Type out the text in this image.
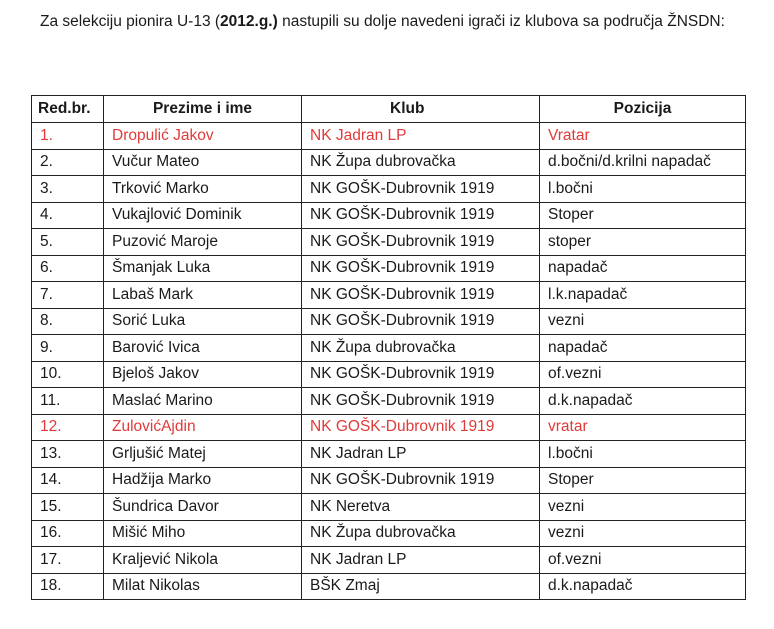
Za selekciju pionira U-13 (2012.g.) nastupili su dolje navedeni igrači iz klubova sa područja ŽNSDN:

Red.br.	Prezime i ime	Klub	Pozicija
1.	Dropulić Jakov	NK Jadran LP	Vratar
2.	Vučur Mateo	NK Župa dubrovačka	d.bočni/d.krilni napadač
3.	Trković Marko	NK GOŠK-Dubrovnik 1919	l.bočni
4.	Vukajlović Dominik	NK GOŠK-Dubrovnik 1919	Stoper
5.	Puzović Maroje	NK GOŠK-Dubrovnik 1919	stoper
6.	Šmanjak Luka	NK GOŠK-Dubrovnik 1919	napadač
7.	Labaš Mark	NK GOŠK-Dubrovnik 1919	l.k.napadač
8.	Sorić Luka	NK GOŠK-Dubrovnik 1919	vezni
9.	Barović Ivica	NK Župa dubrovačka	napadač
10.	Bjeloš Jakov	NK GOŠK-Dubrovnik 1919	of.vezni
11.	Maslać Marino	NK GOŠK-Dubrovnik 1919	d.k.napadač
12.	ZulovićAjdin	NK GOŠK-Dubrovnik 1919	vratar
13.	Grljušić Matej	NK Jadran LP	l.bočni
14.	Hadžija Marko	NK GOŠK-Dubrovnik 1919	Stoper
15.	Šundrica Davor	NK Neretva	vezni
16.	Mišić Miho	NK Župa dubrovačka	vezni
17.	Kraljević Nikola	NK Jadran LP	of.vezni
18.	Milat Nikolas	BŠK Zmaj	d.k.napadač
